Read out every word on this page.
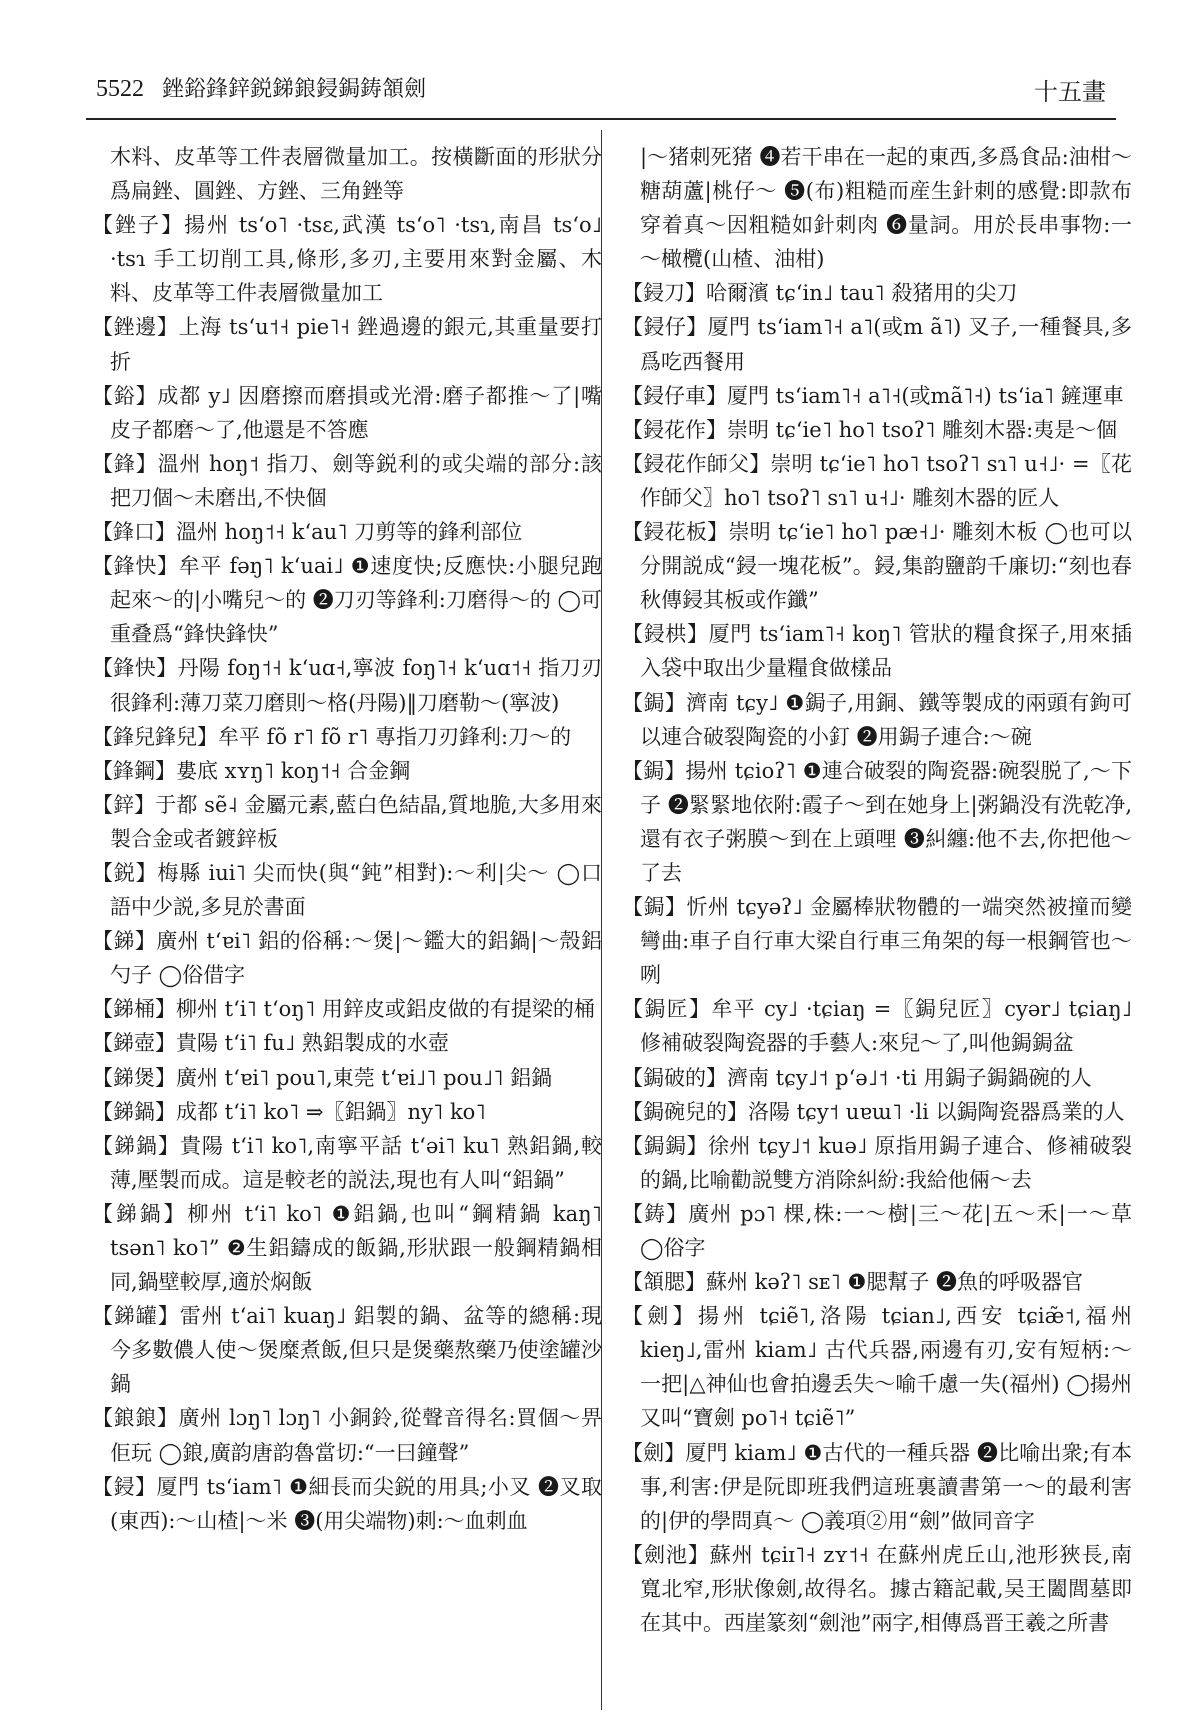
5522 銼鋊鋒鋅鋭銻鋃鋟鋦鋳頷劍	十五畫

木料、皮革等工件表層微量加工。按橫斷面的形狀分爲扁銼、圓銼、方銼、三角銼等

【銼子】揚州 tsʻo˥ ·tsɛ,武漢 tsʻo˥ ·tsɿ,南昌 tsʻo˩ ·tsɿ 手工切削工具,條形,多刃,主要用來對金屬、木料、皮革等工件表層微量加工

【銼邊】上海 tsʻu˦˧ pie˥˧ 銼過邊的銀元,其重量要打折

【鋊】成都 y˩ 因磨擦而磨損或光滑:磨子都推～了|嘴皮子都磨～了,他還是不答應

【鋒】溫州 hoŋ˦ 指刀、劍等鋭利的或尖端的部分:該把刀個～未磨出,不快個

【鋒口】溫州 hoŋ˦˧ kʻau˥ 刀剪等的鋒利部位

【鋒快】牟平 fəŋ˥ kʻuai˩ ❶速度快;反應快:小腿兒跑起來～的|小嘴兒～的 ❷刀刃等鋒利:刀磨得～的 ◯可重叠爲“鋒快鋒快”

【鋒快】丹陽 foŋ˦˧ kʻuɑ˧,寧波 foŋ˥˧ kʻuɑ˦˧ 指刀刃很鋒利:薄刀菜刀磨則～格(丹陽)‖刀磨勒～(寧波)

【鋒兒鋒兒】牟平 fõ r˥ fõ r˥ 專指刀刃鋒利:刀～的

【鋒鋼】婁底 xʏŋ˥ koŋ˦˧ 合金鋼

【鋅】于都 sẽ˨ 金屬元素,藍白色結晶,質地脆,大多用來製合金或者鍍鋅板

【鋭】梅縣 iui˥ 尖而快(與“鈍”相對):～利|尖～ ◯口語中少説,多見於書面

【銻】廣州 tʻɐi˥ 鋁的俗稱:～煲|～鑑大的鋁鍋|～殼鋁勺子 ◯俗借字

【銻桶】柳州 tʻi˥ tʻoŋ˥ 用鋅皮或鋁皮做的有提梁的桶

【銻壺】貴陽 tʻi˥ fu˩ 熟鋁製成的水壺

【銻煲】廣州 tʻɐi˥ pou˥,東莞 tʻɐi˩˥ pou˩˥ 鋁鍋

【銻鍋】成都 tʻi˥ ko˥ ⇒〖鋁鍋〗ny˥ ko˥

【銻鍋】貴陽 tʻi˥ ko˥,南寧平話 tʻəi˥ ku˥ 熟鋁鍋,較薄,壓製而成。這是較老的説法,現也有人叫“鋁鍋”

【銻鍋】柳州 tʻi˥ ko˥ ❶鋁鍋,也叫“鋼精鍋 kaŋ˥ tsən˥ ko˥” ❷生鋁鑄成的飯鍋,形狀跟一般鋼精鍋相同,鍋壁較厚,適於焖飯

【銻罐】雷州 tʻai˥ kuaŋ˩ 鋁製的鍋、盆等的總稱:現今多數儂人使～煲糜煮飯,但只是煲藥熬藥乃使塗罐沙鍋

【鋃鋃】廣州 lɔŋ˥ lɔŋ˥ 小銅鈴,從聲音得名:買個～畀佢玩 ◯鋃,廣韵唐韵魯當切:“一曰鐘聲”

【鋟】厦門 tsʻiam˥ ❶細長而尖鋭的用具;小叉 ❷叉取(東西):～山楂|～米 ❸(用尖端物)刺:～血刺血

|～猪刺死猪 ❹若干串在一起的東西,多爲食品:油柑～糖葫蘆|桃仔～ ❺(布)粗糙而産生針刺的感覺:即款布穿着真～因粗糙如針刺肉 ❻量詞。用於長串事物:一～橄欖(山楂、油柑)

【鋟刀】哈爾濱 tɕʻin˩ tau˥ 殺猪用的尖刀

【鋟仔】厦門 tsʻiam˥˧ a˥(或m ã˥) 叉子,一種餐具,多爲吃西餐用

【鋟仔車】厦門 tsʻiam˥˧ a˥˧(或mã˥˧) tsʻia˥ 鏟運車

【鋟花作】崇明 tɕʻie˥ ho˥ tsoʔ˥ 雕刻木器:夷是～個

【鋟花作師父】崇明 tɕʻie˥ ho˥ tsoʔ˥ sɿ˥ u˧˩· =〖花作師父〗ho˥ tsoʔ˥ sɿ˥ u˧˩· 雕刻木器的匠人

【鋟花板】崇明 tɕʻie˥ ho˥ pæ˧˩· 雕刻木板 ◯也可以分開説成“鋟一塊花板”。鋟,集韵鹽韵千廉切:“刻也春秋傳鋟其板或作鑯”

【鋟栱】厦門 tsʻiam˥˧ koŋ˥ 管狀的糧食探子,用來插入袋中取出少量糧食做樣品

【鋦】濟南 tɕy˩ ❶鋦子,用銅、鐵等製成的兩頭有鉤可以連合破裂陶瓷的小釘 ❷用鋦子連合:～碗

【鋦】揚州 tɕioʔ˥ ❶連合破裂的陶瓷器:碗裂脱了,～下子 ❷緊緊地依附:霞子～到在她身上|粥鍋没有洗乾净,還有衣子粥膜～到在上頭哩 ❸糾纏:他不去,你把他～了去

【鋦】忻州 tɕyəʔ˩ 金屬棒狀物體的一端突然被撞而變彎曲:車子自行車大梁自行車三角架的每一根鋼管也～咧

【鋦匠】牟平 cy˩ ·tɕiaŋ =〖鋦兒匠〗cyər˩ tɕiaŋ˩ 修補破裂陶瓷器的手藝人:來兒～了,叫他鋦鋦盆

【鋦破的】濟南 tɕy˩˦ pʻə˩˦ ·ti 用鋦子鋦鍋碗的人

【鋦碗兒的】洛陽 tɕy˦ uɐɯ˥ ·li 以鋦陶瓷器爲業的人

【鋦鋦】徐州 tɕy˩˦ kuə˩ 原指用鋦子連合、修補破裂的鍋,比喻勸説雙方消除糾紛:我給他倆～去

【鋳】廣州 pɔ˥ 棵,株:一～樹|三～花|五～禾|一～草 ◯俗字

【頷腮】蘇州 kəʔ˥ sᴇ˥ ❶腮幫子 ❷魚的呼吸器官

【劍】揚州 tɕiẽ˥,洛陽 tɕian˩,西安 tɕiæ̃˦,福州 kieŋ˩,雷州 kiam˩ 古代兵器,兩邊有刃,安有短柄:～一把|△神仙也會拍邊丢失～喻千慮一失(福州) ◯揚州又叫“寶劍 po˥˧ tɕiẽ˥”

【劍】厦門 kiam˩ ❶古代的一種兵器 ❷比喻出衆;有本事,利害:伊是阮即班我們這班裏讀書第一～的最利害的|伊的學問真～ ◯義項②用“劍”做同音字

【劍池】蘇州 tɕiɪ˥˧ zʏ˦˧ 在蘇州虎丘山,池形狹長,南寬北窄,形狀像劍,故得名。據古籍記載,吴王闔閭墓即在其中。西崖篆刻“劍池”兩字,相傳爲晋王羲之所書
